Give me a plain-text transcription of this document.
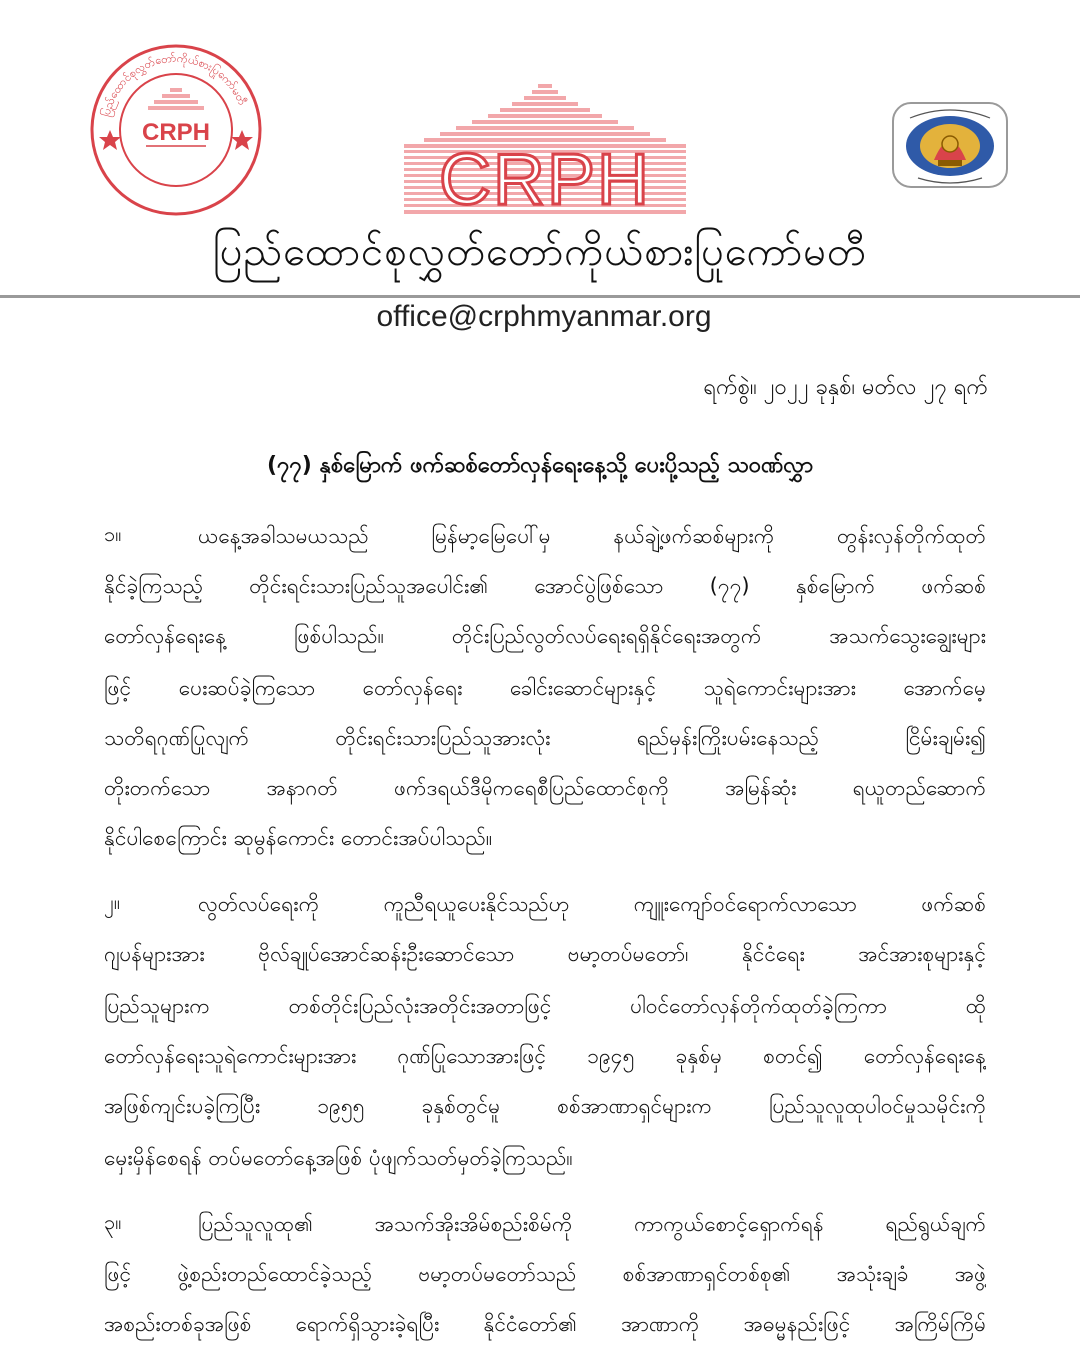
ပြည်ထောင်စုလွှတ်တော်ကိုယ်စားပြုကော်မတီ
CRPH
CRPH
ပြည်ထောင်စုလွှတ်တော်ကိုယ်စားပြုကော်မတီ
office@crphmyanmar.org
ရက်စွဲ။ ၂၀၂၂ ခုနှစ်၊ မတ်လ ၂၇ ရက်
(၇၇) နှစ်မြောက် ဖက်ဆစ်တော်လှန်ရေးနေ့သို့ ပေးပို့သည့် သဝဏ်လွှာ
၁။	ယနေ့အခါသမယသည် မြန်မာ့မြေပေါ်မှ နယ်ချဲ့ဖက်ဆစ်များကို တွန်းလှန်တိုက်ထုတ်
နိုင်ခဲ့ကြသည့် တိုင်းရင်းသားပြည်သူအပေါင်း၏ အောင်ပွဲဖြစ်သော (၇၇) နှစ်မြောက် ဖက်ဆစ်
တော်လှန်ရေးနေ့ ဖြစ်ပါသည်။ တိုင်းပြည်လွတ်လပ်ရေးရရှိနိုင်ရေးအတွက် အသက်သွေးချွေးများ
ဖြင့် ပေးဆပ်ခဲ့ကြသော တော်လှန်ရေး ခေါင်းဆောင်များနှင့် သူရဲကောင်းများအား အောက်မေ့
သတိရဂုဏ်ပြုလျက် တိုင်းရင်းသားပြည်သူအားလုံး ရည်မှန်းကြိုးပမ်းနေသည့် ငြိမ်းချမ်း၍
တိုးတက်သော အနာဂတ် ဖက်ဒရယ်ဒီမိုကရေစီပြည်ထောင်စုကို အမြန်ဆုံး ရယူတည်ဆောက်
နိုင်ပါစေကြောင်း ဆုမွန်ကောင်း တောင်းအပ်ပါသည်။
၂။	လွတ်လပ်ရေးကို ကူညီရယူပေးနိုင်သည်ဟု ကျူးကျော်ဝင်ရောက်လာသော ဖက်ဆစ်
ဂျပန်များအား ဗိုလ်ချုပ်အောင်ဆန်းဦးဆောင်သော ဗမာ့တပ်မတော်၊ နိုင်ငံရေး အင်အားစုများနှင့်
ပြည်သူများက တစ်တိုင်းပြည်လုံးအတိုင်းအတာဖြင့် ပါဝင်တော်လှန်တိုက်ထုတ်ခဲ့ကြကာ ထို
တော်လှန်ရေးသူရဲကောင်းများအား ဂုဏ်ပြုသောအားဖြင့် ၁၉၄၅ ခုနှစ်မှ စတင်၍ တော်လှန်ရေးနေ့
အဖြစ်ကျင်းပခဲ့ကြပြီး ၁၉၅၅ ခုနှစ်တွင်မူ စစ်အာဏာရှင်များက ပြည်သူလူထုပါဝင်မှုသမိုင်းကို
မှေးမှိန်စေရန် တပ်မတော်နေ့အဖြစ် ပုံဖျက်သတ်မှတ်ခဲ့ကြသည်။
၃။	ပြည်သူလူထု၏ အသက်အိုးအိမ်စည်းစိမ်ကို ကာကွယ်စောင့်ရှောက်ရန် ရည်ရွယ်ချက်
ဖြင့် ဖွဲ့စည်းတည်ထောင်ခဲ့သည့် ဗမာ့တပ်မတော်သည် စစ်အာဏာရှင်တစ်စု၏ အသုံးချခံ အဖွဲ့
အစည်းတစ်ခုအဖြစ် ရောက်ရှိသွားခဲ့ရပြီး နိုင်ငံတော်၏ အာဏာကို အဓမ္မနည်းဖြင့် အကြိမ်ကြိမ်
